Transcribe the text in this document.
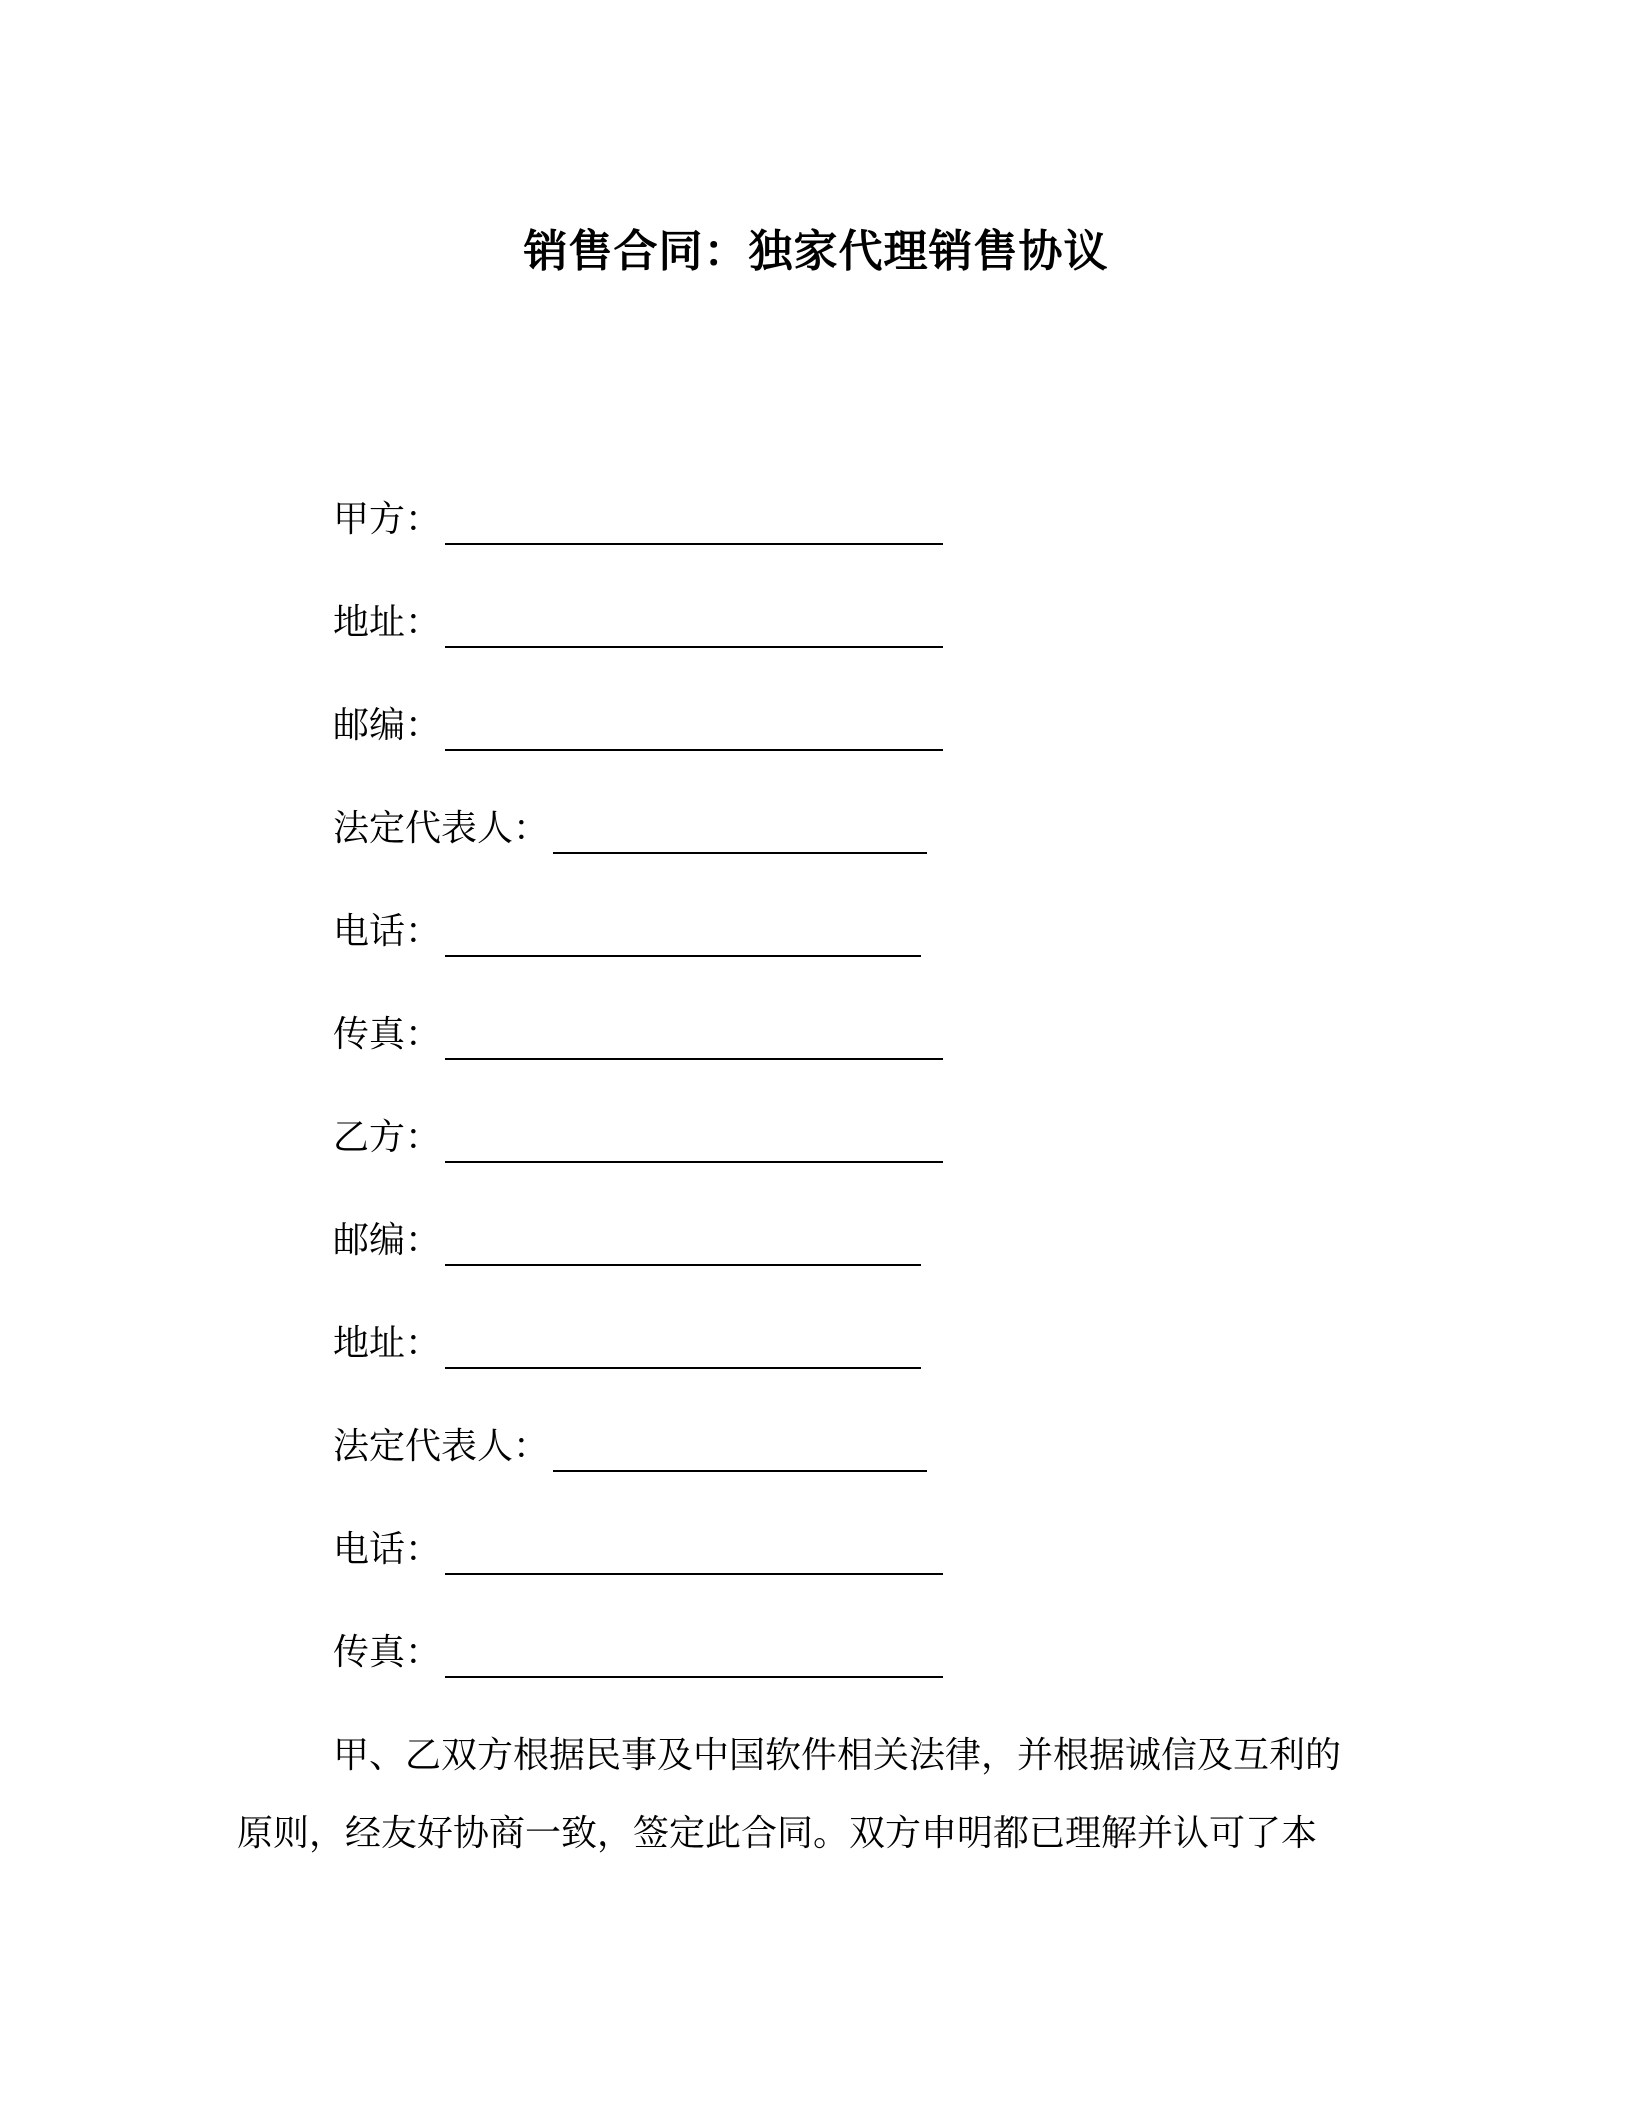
销售合同：独家代理销售协议
甲方：
地址：
邮编：
法定代表人：
电话：
传真：
乙方：
邮编：
地址：
法定代表人：
电话：
传真：
甲、乙双方根据民事及中国软件相关法律，并根据诚信及互利的
原则，经友好协商一致，签定此合同。双方申明都已理解并认可了本
